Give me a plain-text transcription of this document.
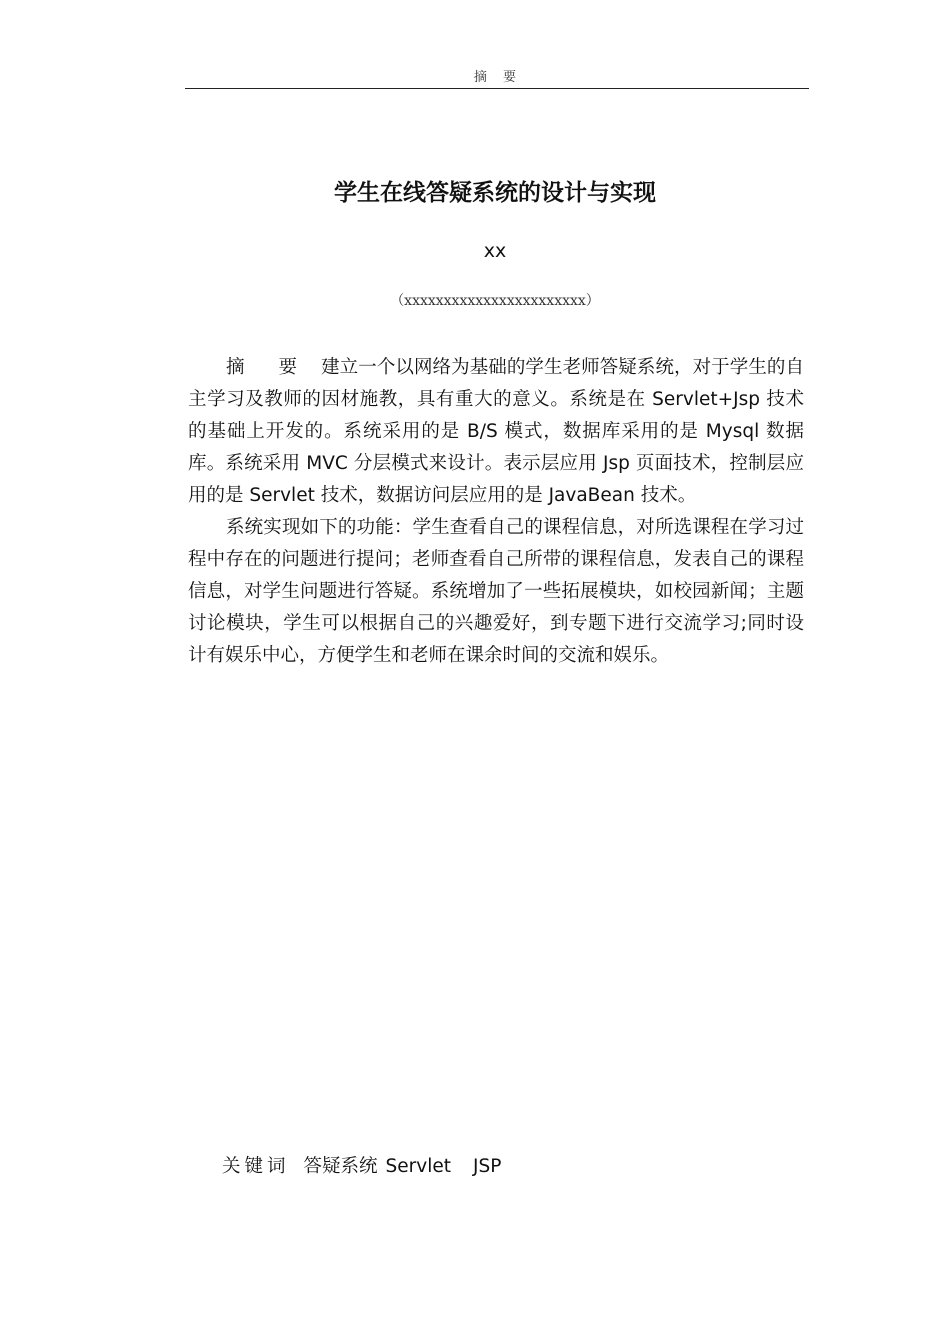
摘 要
学生在线答疑系统的设计与实现
xx
（xxxxxxxxxxxxxxxxxxxxxxx）

摘 要 建立一个以网络为基础的学生老师答疑系统，对于学生的自主学习及教师的因材施教，具有重大的意义。系统是在 Servlet+Jsp 技术的基础上开发的。系统采用的是 B/S 模式，数据库采用的是 Mysql 数据库。系统采用 MVC 分层模式来设计。表示层应用 Jsp 页面技术，控制层应用的是 Servlet 技术，数据访问层应用的是 JavaBean 技术。

系统实现如下的功能：学生查看自己的课程信息，对所选课程在学习过程中存在的问题进行提问；老师查看自己所带的课程信息，发表自己的课程信息，对学生问题进行答疑。系统增加了一些拓展模块，如校园新闻；主题讨论模块，学生可以根据自己的兴趣爱好，到专题下进行交流学习;同时设计有娱乐中心，方便学生和老师在课余时间的交流和娱乐。

关键词 答疑系统 Servlet JSP
